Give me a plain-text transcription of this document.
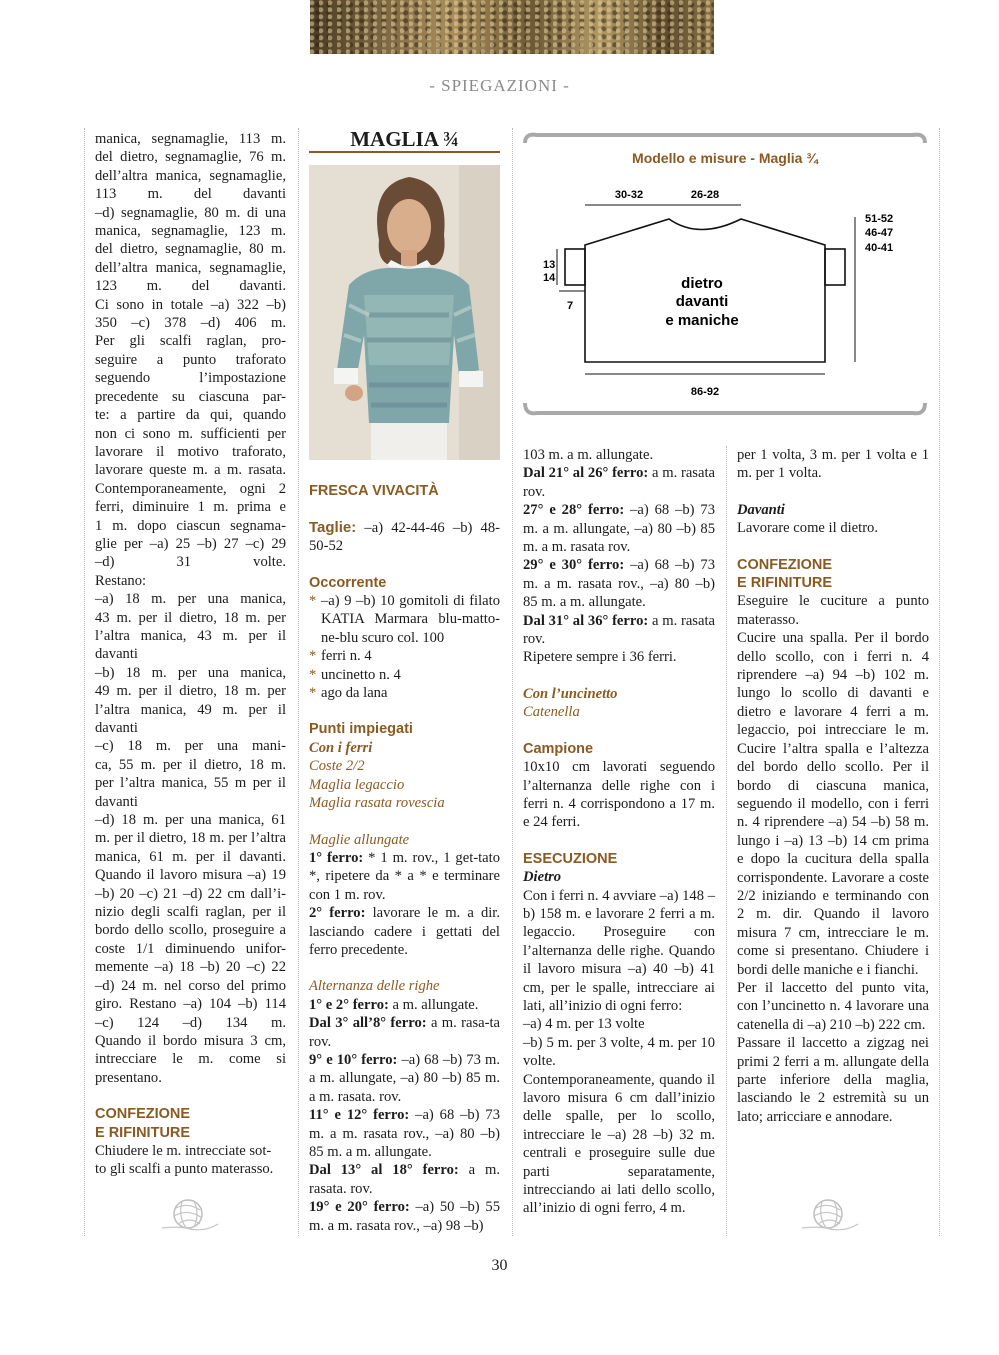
- SPIEGAZIONI -
manica, segnamaglie, 113 m.
del dietro, segnamaglie, 76 m.
dell’altra manica, segnamaglie,
113 m. del davanti
–d) segnamaglie, 80 m. di una
manica, segnamaglie, 123 m.
del dietro, segnamaglie, 80 m.
dell’altra manica, segnamaglie,
123 m. del davanti.
Ci sono in totale –a) 322 –b)
350 –c) 378 –d) 406 m.
Per gli scalfi raglan, pro-
seguire a punto traforato
seguendo l’impostazione
precedente su ciascuna par-
te: a partire da qui, quando
non ci sono m. sufficienti per
lavorare il motivo traforato,
lavorare queste m. a m. rasata.
Contemporaneamente, ogni 2
ferri, diminuire 1 m. prima e
1 m. dopo ciascun segnama-
glie per –a) 25 –b) 27 –c) 29
–d) 31 volte.
Restano:
–a) 18 m. per una manica,
43 m. per il dietro, 18 m. per
l’altra manica, 43 m. per il
davanti
–b) 18 m. per una manica,
49 m. per il dietro, 18 m. per
l’altra manica, 49 m. per il
davanti
–c) 18 m. per una mani-
ca, 55 m. per il dietro, 18 m.
per l’altra manica, 55 m per il
davanti
–d) 18 m. per una manica, 61
m. per il dietro, 18 m. per l’altra
manica, 61 m. per il davanti.
Quando il lavoro misura –a) 19
–b) 20 –c) 21 –d) 22 cm dall’i-
nizio degli scalfi raglan, per il
bordo dello scollo, proseguire a
coste 1/1 diminuendo unifor-
memente –a) 18 –b) 20 –c) 22
–d) 24 m. nel corso del primo
giro. Restano –a) 104 –b) 114
–c) 124 –d) 134 m.
Quando il bordo misura 3 cm,
intrecciare le m. come si
presentano.
CONFEZIONE
E RIFINITURE
Chiudere le m. intrecciate sot-
to gli scalfi a punto materasso.
MAGLIA ¾
FRESCA VIVACITÀ

Taglie: –a) 42-44-46 –b) 48-50-52

Occorrente
* –a) 9 –b) 10 gomitoli di filato KATIA Marmara blu-matto-ne-blu scuro col. 100
* ferri n. 4
* uncinetto n. 4
* ago da lana
Punti impiegati
Con i ferri
Coste 2/2
Maglia legaccio
Maglia rasata rovescia
Maglie allungate

1° ferro: * 1 m. rov., 1 get-tato *, ripetere da * a * e terminare con 1 m. rov.

2° ferro: lavorare le m. a dir. lasciando cadere i gettati del ferro precedente.

Alternanza delle righe

1° e 2° ferro: a m. allungate.

Dal 3° all’8° ferro: a m. rasa-ta rov.

9° e 10° ferro: –a) 68 –b) 73 m. a m. allungate, –a) 80 –b) 85 m. a m. rasata. rov.

11° e 12° ferro: –a) 68 –b) 73 m. a m. rasata rov., –a) 80 –b) 85 m. a m. allungate.

Dal 13° al 18° ferro: a m. rasata. rov.

19° e 20° ferro: –a) 50 –b) 55 m. a m. rasata rov., –a) 98 –b)

Modello e misure - Maglia ¾
30-32	26-28
51-52
46-47
40-41
13
14
7
dietro
davanti
e maniche
86-92

103 m. a m. allungate.

Dal 21° al 26° ferro: a m. rasata rov.

27° e 28° ferro: –a) 68 –b) 73 m. a m. allungate, –a) 80 –b) 85 m. a m. rasata rov.

29° e 30° ferro: –a) 68 –b) 73 m. a m. rasata rov., –a) 80 –b) 85 m. a m. allungate.

Dal 31° al 36° ferro: a m. rasata rov.

Ripetere sempre i 36 ferri.

Con l’uncinetto
Catenella
Campione

10x10 cm lavorati seguendo l’alternanza delle righe con i ferri n. 4 corrispondono a 17 m. e 24 ferri.

ESECUZIONE
Dietro

Con i ferri n. 4 avviare –a) 148 –b) 158 m. e lavorare 2 ferri a m. legaccio. Proseguire con l’alternanza delle righe. Quando il lavoro misura –a) 40 –b) 41 cm, per le spalle, intrecciare ai lati, all’inizio di ogni ferro:

–a) 4 m. per 13 volte

–b) 5 m. per 3 volte, 4 m. per 10 volte.

Contemporaneamente, quando il lavoro misura 6 cm dall’inizio delle spalle, per lo scollo, intrecciare le –a) 28 –b) 32 m. centrali e proseguire sulle due parti separatamente, intrecciando ai lati dello scollo, all’inizio di ogni ferro, 4 m.

per 1 volta, 3 m. per 1 volta e 1 m. per 1 volta.

Davanti

Lavorare come il dietro.

CONFEZIONE
E RIFINITURE

Eseguire le cuciture a punto materasso.

Cucire una spalla. Per il bordo dello scollo, con i ferri n. 4 riprendere –a) 94 –b) 102 m. lungo lo scollo di davanti e dietro e lavorare 4 ferri a m. legaccio, poi intrecciare le m. Cucire l’altra spalla e l’altezza del bordo dello scollo. Per il bordo di ciascuna manica, seguendo il modello, con i ferri n. 4 riprendere –a) 54 –b) 58 m. lungo i –a) 13 –b) 14 cm prima e dopo la cucitura della spalla corrispondente. Lavorare a coste 2/2 iniziando e terminando con 2 m. dir. Quando il lavoro misura 7 cm, intrecciare le m. come si presentano. Chiudere i bordi delle maniche e i fianchi.

Per il laccetto del punto vita, con l’uncinetto n. 4 lavorare una catenella di –a) 210 –b) 222 cm.

Passare il laccetto a zigzag nei primi 2 ferri a m. allungate della parte inferiore della maglia, lasciando le 2 estremità su un lato; arricciare e annodare.

30
